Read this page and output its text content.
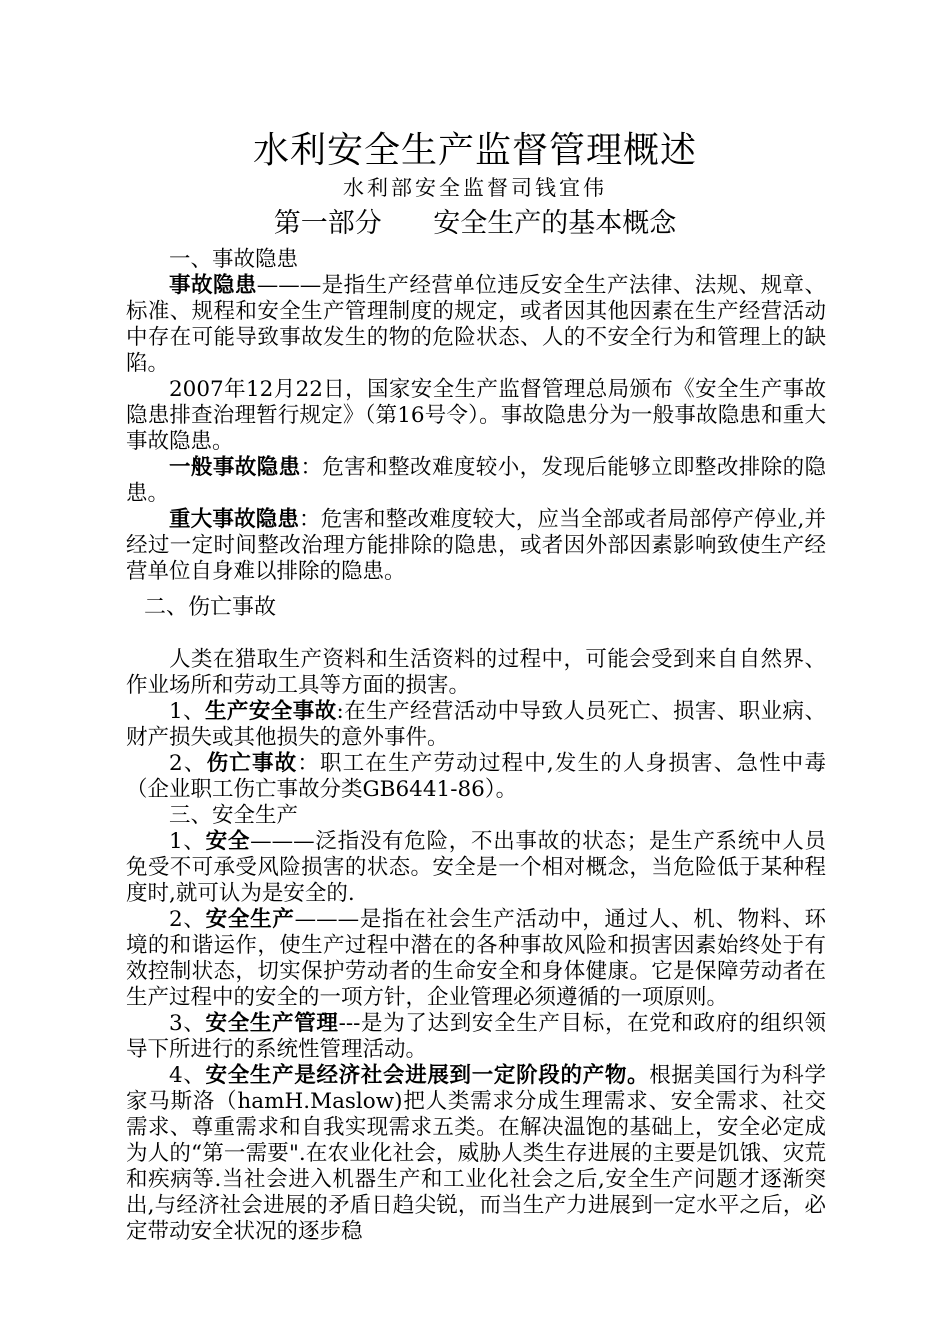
水利安全生产监督管理概述
水利部安全监督司钱宜伟
第一部分      安全生产的基本概念

一、事故隐患

事故隐患———是指生产经营单位违反安全生产法律、法规、规章、标准、规程和安全生产管理制度的规定，或者因其他因素在生产经营活动中存在可能导致事故发生的物的危险状态、人的不安全行为和管理上的缺陷。

2007年12月22日，国家安全生产监督管理总局颁布《安全生产事故隐患排查治理暂行规定》（第16号令）。事故隐患分为一般事故隐患和重大事故隐患。

一般事故隐患：危害和整改难度较小，发现后能够立即整改排除的隐患。

重大事故隐患：危害和整改难度较大，应当全部或者局部停产停业,并经过一定时间整改治理方能排除的隐患，或者因外部因素影响致使生产经营单位自身难以排除的隐患。

二、伤亡事故

人类在猎取生产资料和生活资料的过程中，可能会受到来自自然界、作业场所和劳动工具等方面的损害。

1、生产安全事故:在生产经营活动中导致人员死亡、损害、职业病、财产损失或其他损失的意外事件。

2、伤亡事故：职工在生产劳动过程中,发生的人身损害、急性中毒（企业职工伤亡事故分类GB6441-86）。

三、安全生产

1、安全———泛指没有危险，不出事故的状态；是生产系统中人员免受不可承受风险损害的状态。安全是一个相对概念，当危险低于某种程度时,就可认为是安全的.

2、安全生产———是指在社会生产活动中，通过人、机、物料、环境的和谐运作，使生产过程中潜在的各种事故风险和损害因素始终处于有效控制状态，切实保护劳动者的生命安全和身体健康。它是保障劳动者在生产过程中的安全的一项方针，企业管理必须遵循的一项原则。

3、安全生产管理---是为了达到安全生产目标，在党和政府的组织领导下所进行的系统性管理活动。

4、安全生产是经济社会进展到一定阶段的产物。根据美国行为科学家马斯洛（hamH.Maslow)把人类需求分成生理需求、安全需求、社交需求、尊重需求和自我实现需求五类。在解决温饱的基础上，安全必定成为人的“第一需要".在农业化社会，威胁人类生存进展的主要是饥饿、灾荒和疾病等.当社会进入机器生产和工业化社会之后,安全生产问题才逐渐突出,与经济社会进展的矛盾日趋尖锐，而当生产力进展到一定水平之后，必定带动安全状况的逐步稳
